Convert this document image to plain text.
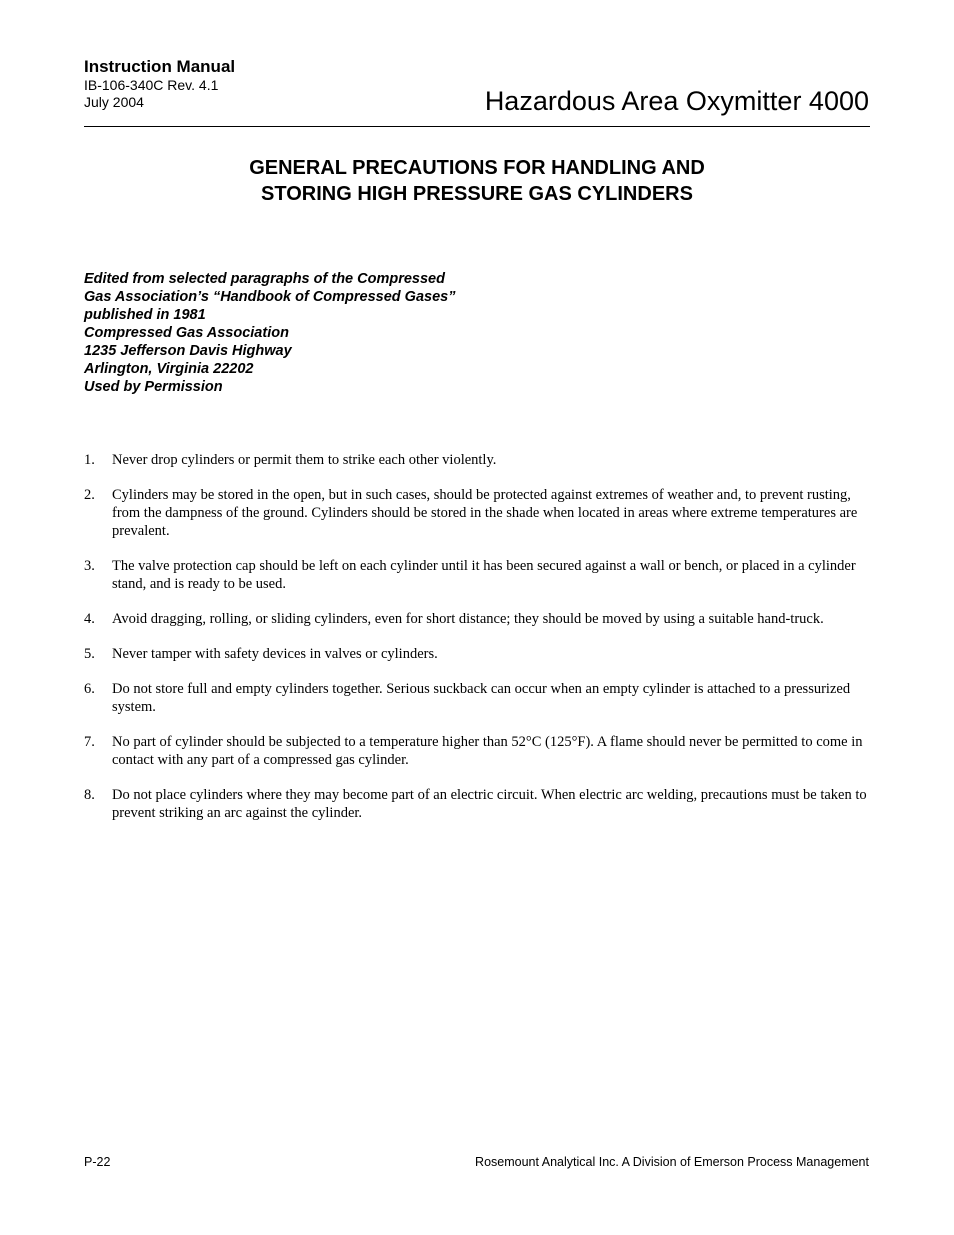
Instruction Manual
IB-106-340C Rev. 4.1
July 2004	Hazardous Area Oxymitter 4000
GENERAL PRECAUTIONS FOR HANDLING AND
STORING HIGH PRESSURE GAS CYLINDERS
Edited from selected paragraphs of the Compressed
Gas Association’s “Handbook of Compressed Gases”
published in 1981
Compressed Gas Association
1235 Jefferson Davis Highway
Arlington, Virginia 22202
Used by Permission
1.	Never drop cylinders or permit them to strike each other violently.
2.	Cylinders may be stored in the open, but in such cases, should be protected against extremes of weather and, to prevent rusting, from the dampness of the ground. Cylinders should be stored in the shade when located in areas where extreme temperatures are prevalent.
3.	The valve protection cap should be left on each cylinder until it has been secured against a wall or bench, or placed in a cylinder stand, and is ready to be used.
4.	Avoid dragging, rolling, or sliding cylinders, even for short distance; they should be moved by using a suitable hand-truck.
5.	Never tamper with safety devices in valves or cylinders.
6.	Do not store full and empty cylinders together. Serious suckback can occur when an empty cylinder is attached to a pressurized system.
7.	No part of cylinder should be subjected to a temperature higher than 52°C (125°F). A flame should never be permitted to come in contact with any part of a compressed gas cylinder.
8.	Do not place cylinders where they may become part of an electric circuit. When electric arc welding, precautions must be taken to prevent striking an arc against the cylinder.
P-22	Rosemount Analytical Inc. A Division of Emerson Process Management
